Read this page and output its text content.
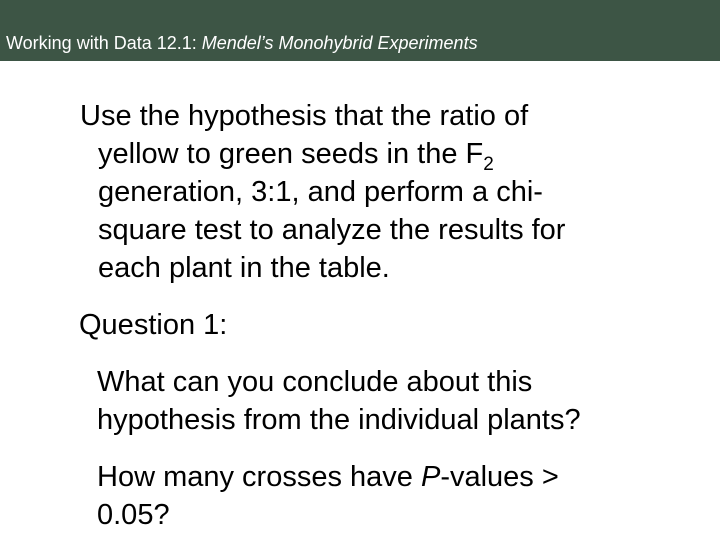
Working with Data 12.1: Mendel’s Monohybrid Experiments
Use the hypothesis that the ratio of
yellow to green seeds in the $F_2$
generation, 3:1, and perform a chi-
square test to analyze the results for
each plant in the table.
Question 1:
What can you conclude about this
hypothesis from the individual plants?
How many crosses have P-values >
0.05?
